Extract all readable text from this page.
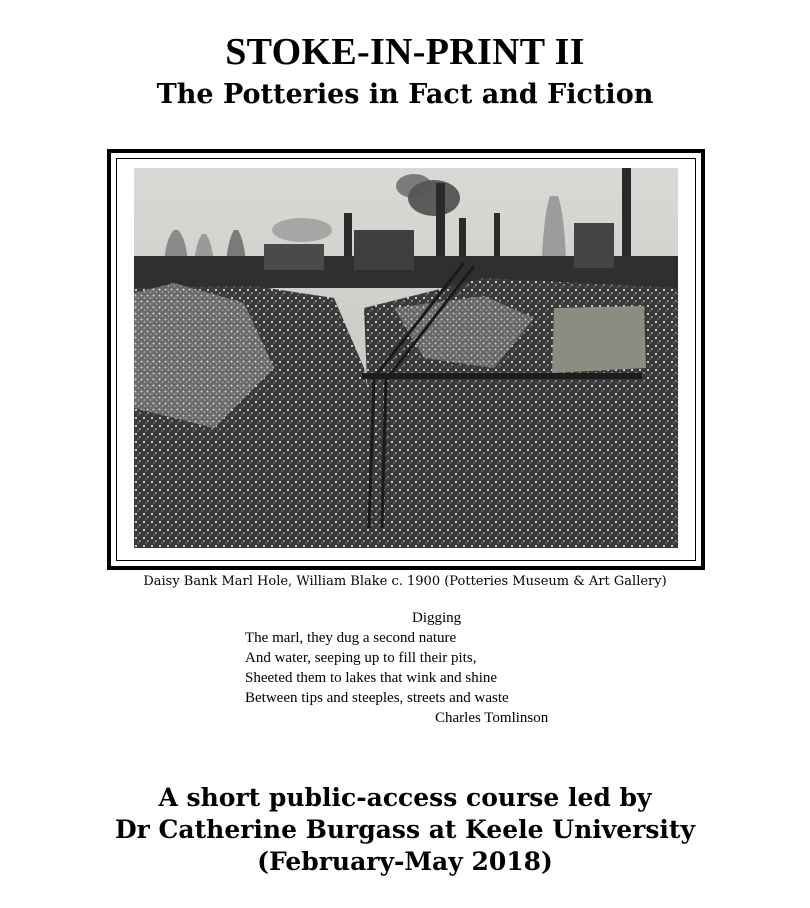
STOKE-IN-PRINT II
The Potteries in Fact and Fiction
Daisy Bank Marl Hole, William Blake c. 1900 (Potteries Museum & Art Gallery)
Digging
The marl, they dug a second nature
And water, seeping up to fill their pits,
Sheeted them to lakes that wink and shine
Between tips and steeples, streets and waste
Charles Tomlinson
A short public-access course led by
Dr Catherine Burgass at Keele University
(February-May 2018)
